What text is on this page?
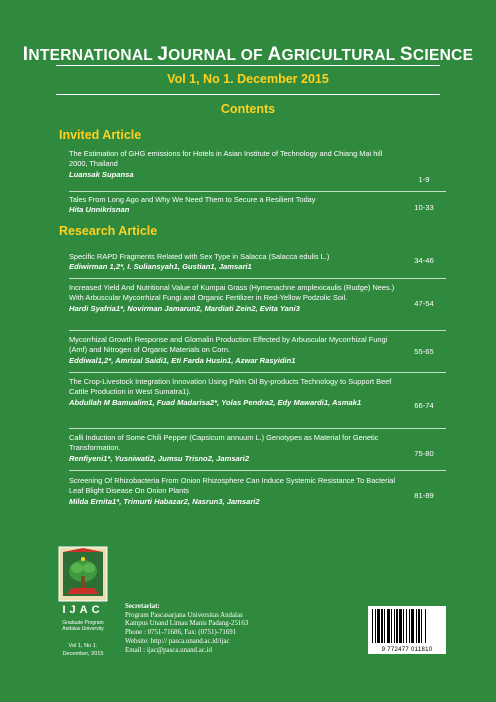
INTERNATIONAL JOURNAL OF AGRICULTURAL SCIENCE
Vol 1, No 1. December 2015
Contents
Invited Article
The Estimation of GHG emissions for Hotels in Asian Institute of Technology and Chiang Mai hill 2000, Thailand
Luansak Supansa
1-9
Tales From Long Ago and Why We Need Them to Secure a Resilient Today
Hita Unnikrisnan	10-33
Research Article
Specific RAPD Fragments Related with Sex Type in Salacca (Salacca edulis L.)
Ediwirman 1,2*, I. Suliansyah1, Gustian1, Jamsari1
34-46
Increased Yield And Nutritional Value of Kumpai Grass (Hymenachne amplexicaulis (Rudge) Nees.) With Arbuscular Mycorrhizal Fungi and Organic Fertilizer in Red-Yellow Podzolic Soil.
Hardi Syafria1*, Novirman Jamarun2, Mardiati Zein2, Evita Yani3
47-54
Mycorrhizal Growth Response and Glomalin Production Effected by Arbuscular Mycorrhizal Fungi (Amf) and Nitrogen of Organic Materials on Corn.
Eddiwal1,2*, Amrizal Saidi1, Eti Farda Husin1, Azwar Rasyidin1
55-65
The Crop-Livestock Integration Innovation Using Palm Oil By-products Technology to Support Beef Cattle Production in West Sumatra1).
Abdullah M Bamualim1, Fuad Madarisa2*, Yolas Pendra2, Edy Mawardi1, Asmak1	66-74
Calli Induction of Some Chili Pepper (Capsicum annuum L.) Genotypes as Material for Genetic Transformation.
Renfiyeni1*, Yusniwati2, Jumsu Trisno2, Jamsari2
75-80
Screening Of Rhizobacteria From Onion Rhizosphere Can Induce Systemic Resistance To Bacterial Leaf Blight Disease On Onion Plants
Milda Ernita1*, Trimurti Habazar2, Nasrun3, Jamsari2
81-89
IJAC
Graduate Program
Andalas University
Vol 1, No 1.
December, 2015
Secretariat:
Program Pascasarjana Universitas Andalas
Kampus Unand Limau Manis Padang-25163
Phone : 0751-71686, Fax: (0751)-71691
Website: http:// pasca.unand.ac.id/ijac
Email : ijac@pasca.unand.ac.id	9 772477 011810
